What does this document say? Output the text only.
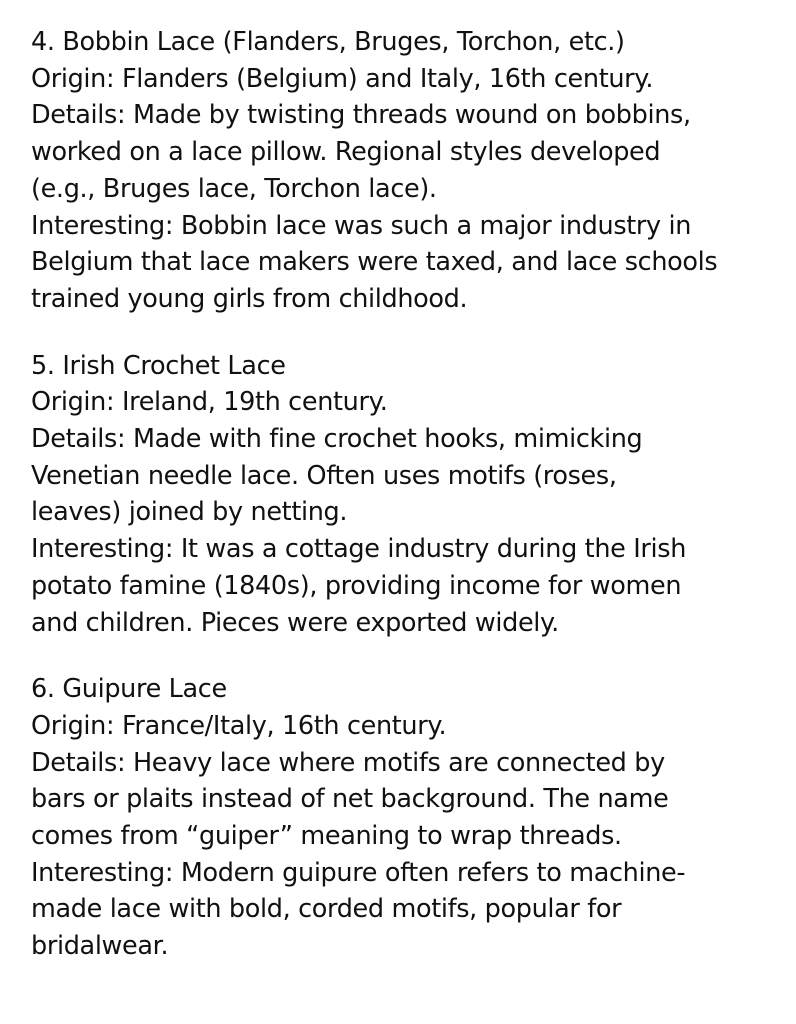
4. Bobbin Lace (Flanders, Bruges, Torchon, etc.)
Origin: Flanders (Belgium) and Italy, 16th century.
Details: Made by twisting threads wound on bobbins,
worked on a lace pillow. Regional styles developed
(e.g., Bruges lace, Torchon lace).
Interesting: Bobbin lace was such a major industry in
Belgium that lace makers were taxed, and lace schools
trained young girls from childhood.
5. Irish Crochet Lace
Origin: Ireland, 19th century.
Details: Made with fine crochet hooks, mimicking
Venetian needle lace. Often uses motifs (roses,
leaves) joined by netting.
Interesting: It was a cottage industry during the Irish
potato famine (1840s), providing income for women
and children. Pieces were exported widely.
6. Guipure Lace
Origin: France/Italy, 16th century.
Details: Heavy lace where motifs are connected by
bars or plaits instead of net background. The name
comes from “guiper” meaning to wrap threads.
Interesting: Modern guipure often refers to machine-
made lace with bold, corded motifs, popular for
bridalwear.
